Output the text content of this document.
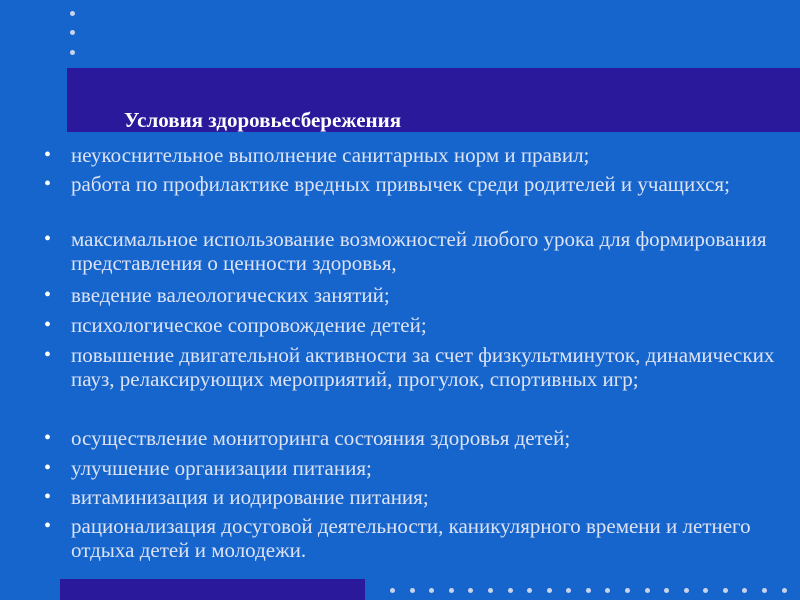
Условия здоровьесбережения
• неукоснительное выполнение санитарных норм и правил;

• работа по профилактике вредных привычек среди родителей и учащихся;

• максимальное использование возможностей любого урока для формирования представления о ценности здоровья,

• введение валеологических занятий;

• психологическое сопровождение детей;

• повышение двигательной активности за счет физкультминуток, динамических пауз, релаксирующих мероприятий, прогулок, спортивных игр;

• осуществление мониторинга состояния здоровья детей;

• улучшение организации питания;

• витаминизация и иодирование питания;

• рационализация досуговой деятельности, каникулярного времени и летнего отдыха детей и молодежи.
